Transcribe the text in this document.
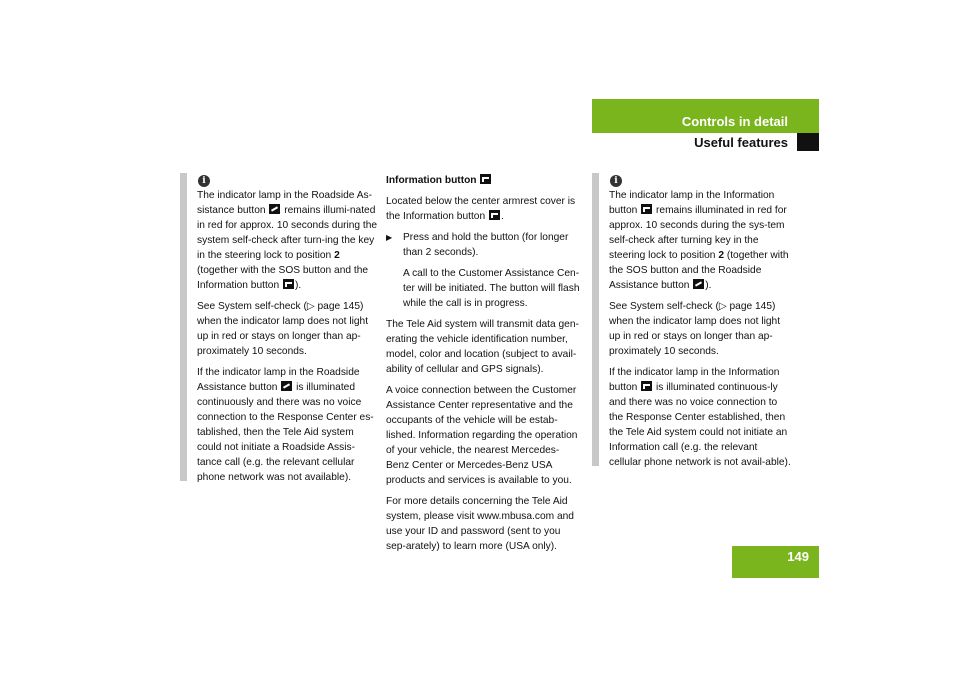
Controls in detail
Useful features
i

The indicator lamp in the Roadside As-sistance button remains illumi-nated in red for approx. 10 seconds during the system self-check after turn-ing the key in the steering lock to position 2 (together with the SOS button and the Information button ).

See System self-check (▷ page 145) when the indicator lamp does not light up in red or stays on longer than ap-proximately 10 seconds.

If the indicator lamp in the Roadside Assistance button is illuminated continuously and there was no voice connection to the Response Center es-tablished, then the Tele Aid system could not initiate a Roadside Assis-tance call (e.g. the relevant cellular phone network was not available).

Information button

Located below the center armrest cover is the Information button .

▶	Press and hold the button (for longer than 2 seconds).

A call to the Customer Assistance Cen-ter will be initiated. The button will flash while the call is in progress.

The Tele Aid system will transmit data gen-erating the vehicle identification number, model, color and location (subject to avail-ability of cellular and GPS signals).

A voice connection between the Customer Assistance Center representative and the occupants of the vehicle will be estab-lished. Information regarding the operation of your vehicle, the nearest Mercedes-Benz Center or Mercedes-Benz USA products and services is available to you.

For more details concerning the Tele Aid system, please visit www.mbusa.com and use your ID and password (sent to you sep-arately) to learn more (USA only).

i

The indicator lamp in the Information button remains illuminated in red for approx. 10 seconds during the sys-tem self-check after turning key in the steering lock to position 2 (together with the SOS button and the Roadside Assistance button ).

See System self-check (▷ page 145) when the indicator lamp does not light up in red or stays on longer than ap-proximately 10 seconds.

If the indicator lamp in the Information button is illuminated continuous-ly and there was no voice connection to the Response Center established, then the Tele Aid system could not initiate an Information call (e.g. the relevant cellular phone network is not avail-able).

149
